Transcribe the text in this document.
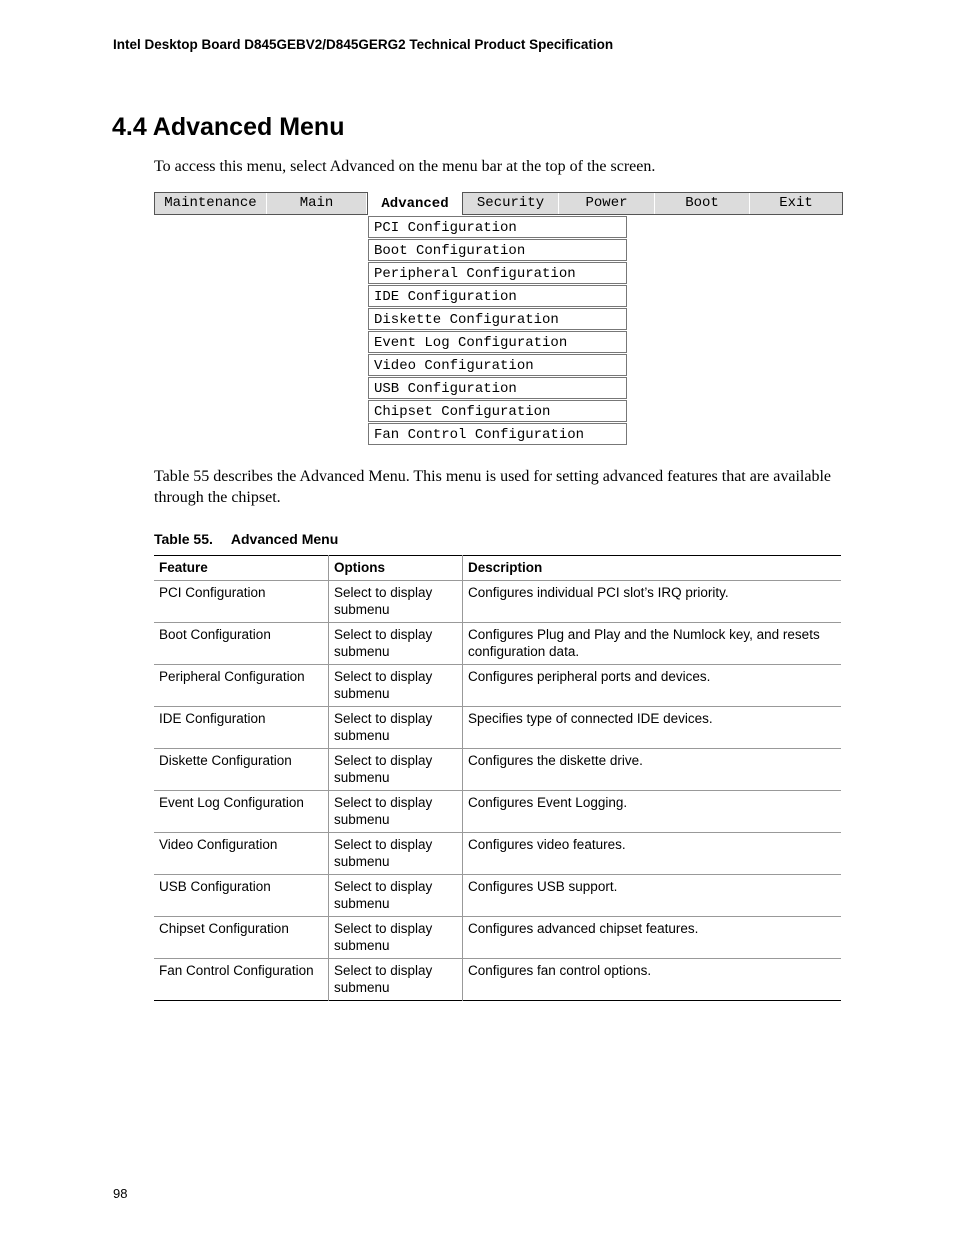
Intel Desktop Board D845GEBV2/D845GERG2 Technical Product Specification
4.4 Advanced Menu
To access this menu, select Advanced on the menu bar at the top of the screen.
Maintenance	Main	Advanced	Security	Power	Boot	Exit
PCI Configuration
Boot Configuration
Peripheral Configuration
IDE Configuration
Diskette Configuration
Event Log Configuration
Video Configuration
USB Configuration
Chipset Configuration
Fan Control Configuration
Table 55 describes the Advanced Menu. This menu is used for setting advanced features that are available through the chipset.
Table 55. Advanced Menu
Feature	Options	Description
PCI Configuration	Select to display submenu	Configures individual PCI slot’s IRQ priority.
Boot Configuration	Select to display submenu	Configures Plug and Play and the Numlock key, and resets configuration data.
Peripheral Configuration	Select to display submenu	Configures peripheral ports and devices.
IDE Configuration	Select to display submenu	Specifies type of connected IDE devices.
Diskette Configuration	Select to display submenu	Configures the diskette drive.
Event Log Configuration	Select to display submenu	Configures Event Logging.
Video Configuration	Select to display submenu	Configures video features.
USB Configuration	Select to display submenu	Configures USB support.
Chipset Configuration	Select to display submenu	Configures advanced chipset features.
Fan Control Configuration	Select to display submenu	Configures fan control options.
98
